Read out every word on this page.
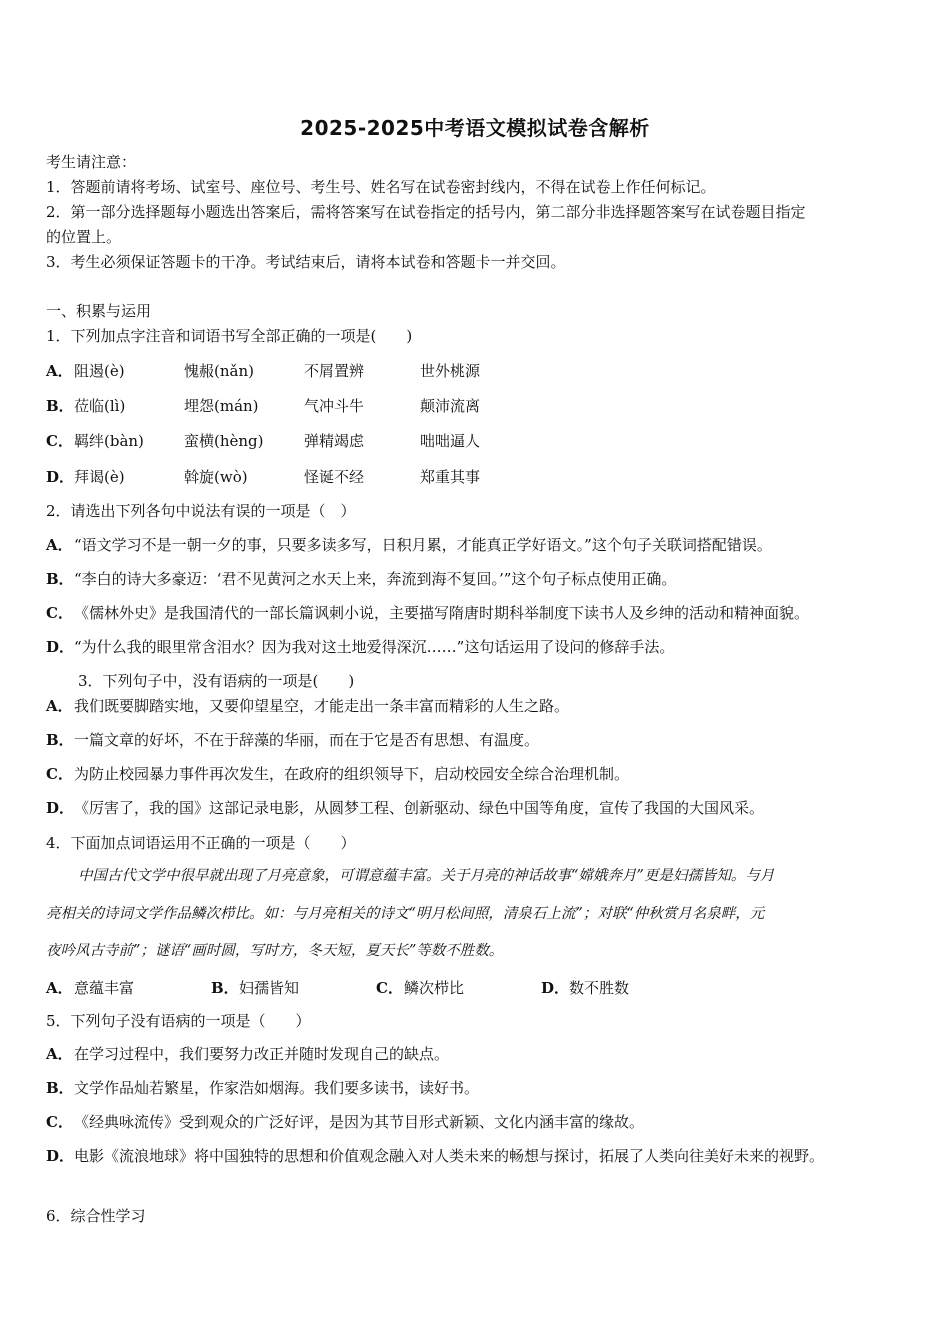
2025-2025中考语文模拟试卷含解析
考生请注意：
1．答题前请将考场、试室号、座位号、考生号、姓名写在试卷密封线内，不得在试卷上作任何标记。
2．第一部分选择题每小题选出答案后，需将答案写在试卷指定的括号内，第二部分非选择题答案写在试卷题目指定
的位置上。
3．考生必须保证答题卡的干净。考试结束后，请将本试卷和答题卡一并交回。
一、积累与运用
1．下列加点字注音和词语书写全部正确的一项是(　　)
A．阻遏(è)	愧赧(nǎn)	不屑置辨	世外桃源
B．莅临(lì)	埋怨(mán)	气冲斗牛	颠沛流离
C．羁绊(bàn)	蛮横(hèng)	弹精竭虑	咄咄逼人
D．拜谒(è)	斡旋(wò)	怪诞不经	郑重其事
2．请选出下列各句中说法有误的一项是（　）
A．“语文学习不是一朝一夕的事，只要多读多写，日积月累，才能真正学好语文。”这个句子关联词搭配错误。
B．“李白的诗大多豪迈：‘君不见黄河之水天上来，奔流到海不复回。’”这个句子标点使用正确。
C．《儒林外史》是我国清代的一部长篇讽刺小说，主要描写隋唐时期科举制度下读书人及乡绅的活动和精神面貌。
D．“为什么我的眼里常含泪水？因为我对这土地爱得深沉……”这句话运用了设问的修辞手法。
3．下列句子中，没有语病的一项是(　　)
A．我们既要脚踏实地，又要仰望星空，才能走出一条丰富而精彩的人生之路。
B．一篇文章的好坏，不在于辞藻的华丽，而在于它是否有思想、有温度。
C．为防止校园暴力事件再次发生，在政府的组织领导下，启动校园安全综合治理机制。
D．《厉害了，我的国》这部记录电影，从圆梦工程、创新驱动、绿色中国等角度，宣传了我国的大国风采。
4．下面加点词语运用不正确的一项是（　　）
中国古代文学中很早就出现了月亮意象，可谓意蕴丰富。关于月亮的神话故事“嫦娥奔月”更是妇孺皆知。与月
亮相关的诗词文学作品鳞次栉比。如：与月亮相关的诗文“明月松间照，清泉石上流”；对联“仲秋赏月名泉畔，元
夜吟风古寺前”；谜语“画时圆，写时方，冬天短，夏天长”等数不胜数。
A．意蕴丰富	B．妇孺皆知	C．鳞次栉比	D．数不胜数
5．下列句子没有语病的一项是（　　）
A．在学习过程中，我们要努力改正并随时发现自己的缺点。
B．文学作品灿若繁星，作家浩如烟海。我们要多读书，读好书。
C．《经典咏流传》受到观众的广泛好评，是因为其节目形式新颖、文化内涵丰富的缘故。
D．电影《流浪地球》将中国独特的思想和价值观念融入对人类未来的畅想与探讨，拓展了人类向往美好未来的视野。
6．综合性学习
